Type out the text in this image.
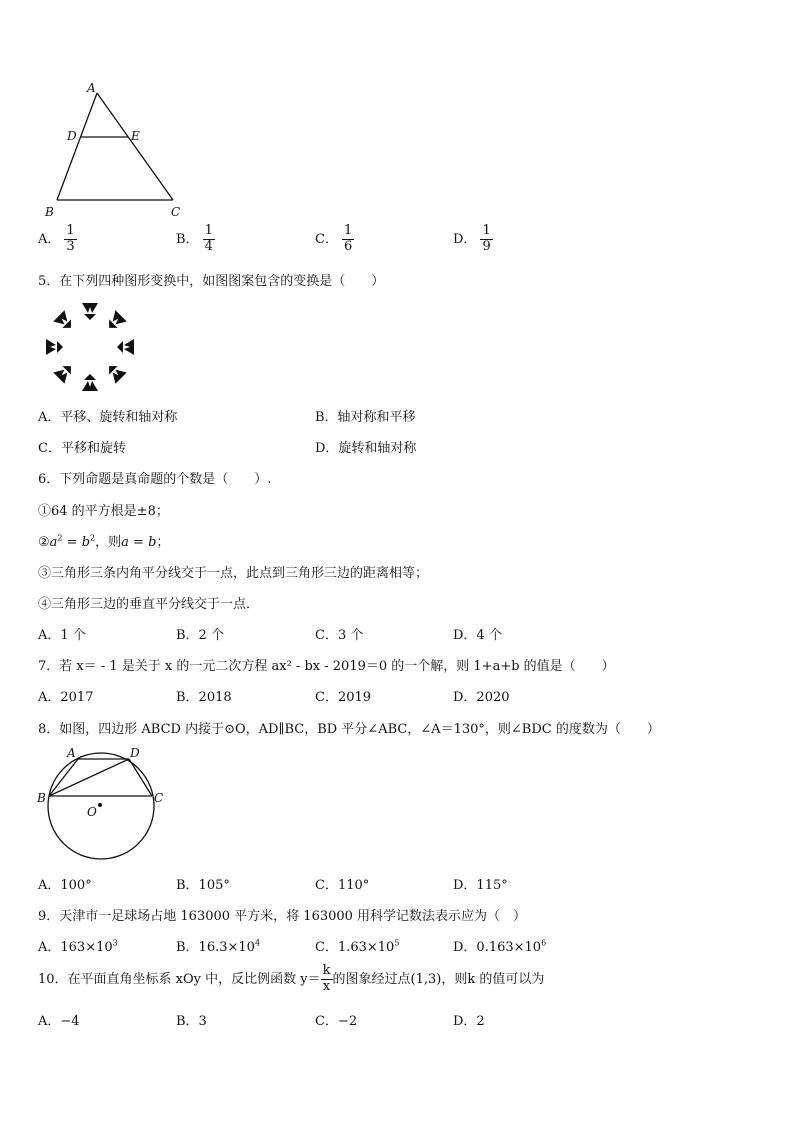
A
D	E
B	C
A． $\frac{1}{3}$	B． $\frac{1}{4}$	C． $\frac{1}{6}$	D． $\frac{1}{9}$
5．在下列四种图形变换中，如图图案包含的变换是（　　）
A．平移、旋转和轴对称	B．轴对称和平移
C．平移和旋转	D．旋转和轴对称
6．下列命题是真命题的个数是（　　）.
①64 的平方根是±8；
$②a^2 = b^2$，则a = b；
③三角形三条内角平分线交于一点，此点到三角形三边的距离相等；
④三角形三边的垂直平分线交于一点．
A．1 个	B．2 个	C．3 个	D．4 个
7．若 x＝ - 1 是关于 x 的一元二次方程 ax² - bx - 2019＝0 的一个解，则 1+a+b 的值是（　　）
A．2017	B．2018	C．2019	D．2020
8．如图，四边形 ABCD 内接于⊙O，AD∥BC，BD 平分∠ABC，∠A＝130°，则∠BDC 的度数为（　　）
A	D
B	C
O
A．100°	B．105°	C．110°	D．115°
9．天津市一足球场占地 163000 平方米，将 163000 用科学记数法表示应为（　）
A．$163\times 10^3$	B．$16.3\times 10^4$	C．$1.63\times 10^5$	D．$0.163\times 10^6$
10．在平面直角坐标系 xOy 中，反比例函数 $y= \frac{k}{x}$ 的图象经过点(1,3)，则k 的值可以为
A．−4	B．3	C．−2	D．2
